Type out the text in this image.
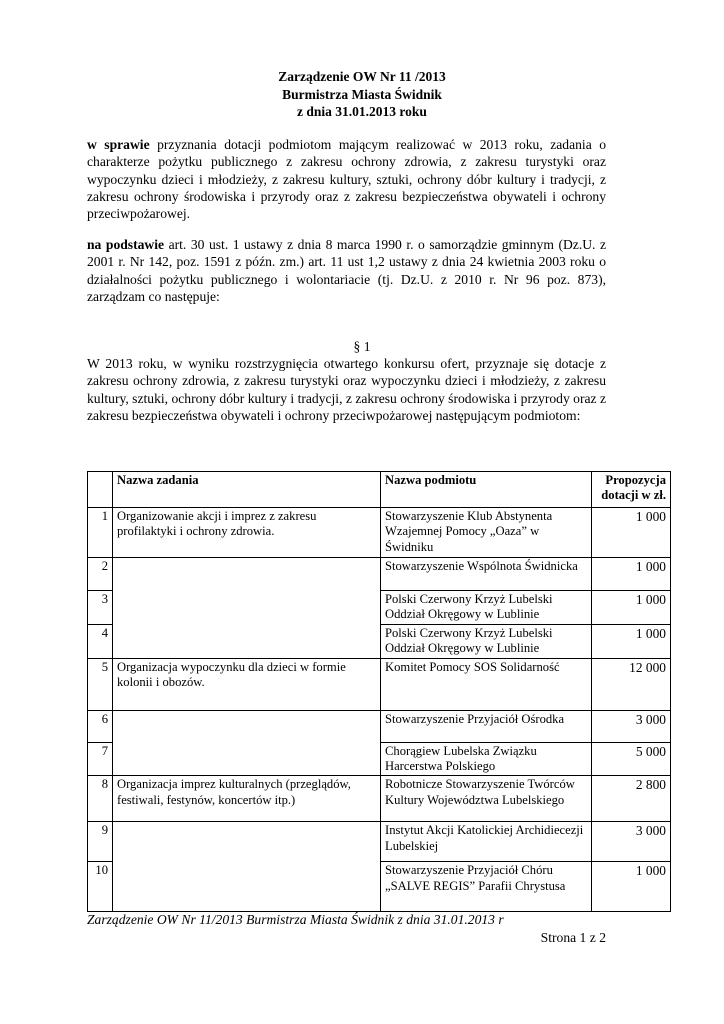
Zarządzenie OW Nr 11 /2013
Burmistrza Miasta Świdnik
z dnia 31.01.2013 roku

w sprawie przyznania dotacji podmiotom mającym realizować w 2013 roku, zadania o charakterze pożytku publicznego z zakresu ochrony zdrowia, z zakresu turystyki oraz wypoczynku dzieci i młodzieży, z zakresu kultury, sztuki, ochrony dóbr kultury i tradycji, z zakresu ochrony środowiska i przyrody oraz z zakresu bezpieczeństwa obywateli i ochrony przeciwpożarowej.

na podstawie art. 30 ust. 1 ustawy z dnia 8 marca 1990 r. o samorządzie gminnym (Dz.U. z 2001 r. Nr 142, poz. 1591 z późn. zm.) art. 11 ust 1,2 ustawy z dnia 24 kwietnia 2003 roku o działalności pożytku publicznego i wolontariacie (tj. Dz.U. z 2010 r. Nr 96 poz. 873), zarządzam co następuje:

§ 1

W 2013 roku, w wyniku rozstrzygnięcia otwartego konkursu ofert, przyznaje się dotacje z zakresu ochrony zdrowia, z zakresu turystyki oraz wypoczynku dzieci i młodzieży, z zakresu kultury, sztuki, ochrony dóbr kultury i tradycji, z zakresu ochrony środowiska i przyrody oraz z zakresu bezpieczeństwa obywateli i ochrony przeciwpożarowej następującym podmiotom:

	Nazwa zadania	Nazwa podmiotu	Propozycja dotacji w zł.
1	Organizowanie akcji i imprez z zakresu profilaktyki i ochrony zdrowia.	Stowarzyszenie Klub Abstynenta Wzajemnej Pomocy „Oaza” w Świdniku	1 000
2		Stowarzyszenie Wspólnota Świdnicka	1 000
3		Polski Czerwony Krzyż Lubelski Oddział Okręgowy w Lublinie	1 000
4		Polski Czerwony Krzyż Lubelski Oddział Okręgowy w Lublinie	1 000
5	Organizacja wypoczynku dla dzieci w formie kolonii i obozów.	Komitet Pomocy SOS Solidarność	12 000
6		Stowarzyszenie Przyjaciół Ośrodka	3 000
7		Chorągiew Lubelska Związku Harcerstwa Polskiego	5 000
8	Organizacja imprez kulturalnych (przeglądów, festiwali, festynów, koncertów itp.)	Robotnicze Stowarzyszenie Twórców Kultury Województwa Lubelskiego	2 800
9		Instytut Akcji Katolickiej Archidiecezji Lubelskiej	3 000
10		Stowarzyszenie Przyjaciół Chóru „SALVE REGIS” Parafii Chrystusa	1 000
Zarządzenie OW Nr 11/2013 Burmistrza Miasta Świdnik z dnia 31.01.2013 r
Strona 1 z 2
